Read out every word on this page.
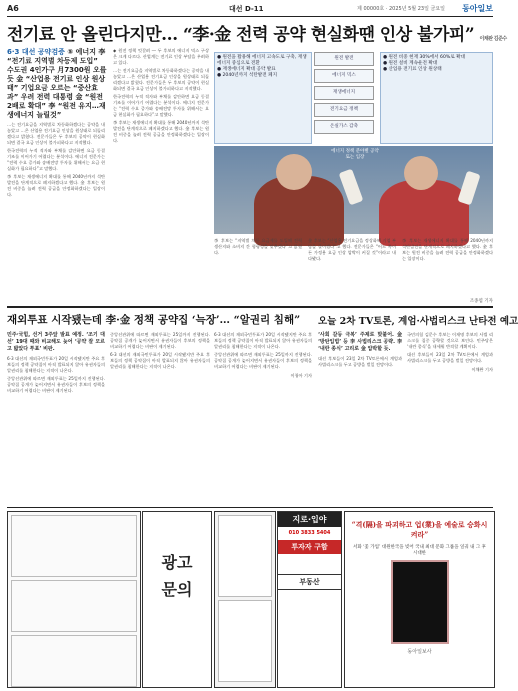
A6	대선 D-11	제 00000호 · 2025년 5월 23일 금요일 동아일보
전기료 안 올린다지만… “李·金 전력 공약 현실화땐 인상 불가피” 이채완 김준수
6·3 대선 공약검증 ⑤ 에너지 李 “전기료 지역별 차등제 도입” 수도권 4인가구 月7300원 오를듯 金 “산업용 전기료 인상 원상태” 기업요금 오르는 “중산효과” 우려 전력 대통령 金 “원전 2배로 확대” 李 “원전 유지…재생에너지 늘릴것”

…는 전기요금을 지역별로 차등화하겠다는 공약을 내놓았고 …은 산업용 전기요금 인상을 원상태로 되돌리겠다고 밝혔다. 전문가들은 두 후보의 공약이 현실화되면 결국 요금 인상이 불가피하다고 지적했다.

한국전력의 누적 적자와 부채를 감안하면 요금 동결 기조를 이어가기 어렵다는 분석이다. 에너지 전문가는 “전력 수요 증가와 송배전망 투자를 위해서는 요금 현실화가 필요하다”고 말했다.

李 후보는 재생에너지 확대를 통해 2040년까지 석탄발전을 단계적으로 폐지하겠다고 했다. 金 후보는 원전 비중을 늘려 전력 공급을 안정화하겠다는 입장이다.

◆ 원전 정책 엇갈려 ― 두 후보의 에너지 믹스 구상은 크게 다르다. 산업계는 전기료 인상 부담을 우려하고 있다.

…는 전기요금을 지역별로 차등화하겠다는 공약을 내놓았고 …은 산업용 전기요금 인상을 원상태로 되돌리겠다고 밝혔다. 전문가들은 두 후보의 공약이 현실화되면 결국 요금 인상이 불가피하다고 지적했다.

한국전력의 누적 적자와 부채를 감안하면 요금 동결 기조를 이어가기 어렵다는 분석이다. 에너지 전문가는 “전력 수요 증가와 송배전망 투자를 위해서는 요금 현실화가 필요하다”고 말했다.

李 후보는 재생에너지 확대를 통해 2040년까지 석탄발전을 단계적으로 폐지하겠다고 했다. 金 후보는 원전 비중을 늘려 전력 공급을 안정화하겠다는 입장이다.

● 원전을 활용해 에너지 고속도로 구축, 재생에너지 중심으로 전환
● 재생에너지 확대 공약 발표
● 2040년까지 석탄발전 폐지
원전 발전
에너지 믹스
재생에너지
전기요금 정책
온실가스 감축
● 원전 비중 현재 30%에서 60%로 확대
● 원전 설비 계속운전 확대
● 산업용 전기료 인상 원상태
에너지 정책 분야별 공약 또는 입장

李 후보는 “지역별 차등 요금제를 도입해 전력 생산지와 소비지 간 형평성을 맞추겠다”고 밝혔다.

金 후보는 “산업용 전기요금을 정상화해 기업 부담을 줄이겠다”고 했다. 전문가들은 “어느 쪽이든 가정용 요금 인상 압박이 커질 것”이라고 내다봤다.

李 후보는 재생에너지 확대를 통해 2040년까지 석탄발전을 단계적으로 폐지하겠다고 했다. 金 후보는 원전 비중을 늘려 전력 공급을 안정화하겠다는 입장이다.

조종엽 기자
재외투표 시작됐는데 李·金 정책 공약집 ‘늑장’… “알권리 침해” 오늘 2차 TV토론, 계엄·사법리스크 난타전 예고

민주·국힘, 선거 3주앞 발표 예정. ‘조기 대선’ 19대 때와 비교해도 늦어 ‘공약 잘 모르고 밟았다 투표’ 비판.

6·3 대선의 재외국민투표가 20일 시작됐지만 주요 후보들의 정책 공약집이 아직 발표되지 않아 유권자들의 알권리를 침해한다는 지적이 나온다.

중앙선관위에 따르면 재외투표는 25일까지 진행된다. 공약집 공개가 늦어지면서 유권자들이 후보의 정책을 비교하기 어렵다는 비판이 제기된다.

중앙선관위에 따르면 재외투표는 25일까지 진행된다. 공약집 공개가 늦어지면서 유권자들이 후보의 정책을 비교하기 어렵다는 비판이 제기된다.

6·3 대선의 재외국민투표가 20일 시작됐지만 주요 후보들의 정책 공약집이 아직 발표되지 않아 유권자들의 알권리를 침해한다는 지적이 나온다.

6·3 대선의 재외국민투표가 20일 시작됐지만 주요 후보들의 정책 공약집이 아직 발표되지 않아 유권자들의 알권리를 침해한다는 지적이 나온다.

중앙선관위에 따르면 재외투표는 25일까지 진행된다. 공약집 공개가 늦어지면서 유권자들이 후보의 정책을 비교하기 어렵다는 비판이 제기된다.

이청아 기자

‘사회 갈등 극복’ 주제로 맞붙어. 金 ‘방탄입법’ 등 李 사법리스크 공략. 李 ‘내란 종식’ 고리로 金 압박할 듯.

대선 후보들이 23일 2차 TV토론에서 계엄과 사법리스크를 두고 공방을 벌일 전망이다.

국민의힘 김문수 후보는 이재명 후보의 사법 리스크를 집중 공략할 것으로 보인다. 민주당은 ‘내란 종식’을 내세워 반격할 계획이다.

대선 후보들이 23일 2차 TV토론에서 계엄과 사법리스크를 두고 공방을 벌일 전망이다.

이채완 기자
광고
문의
지로·입야
010 3833 5404
투자자 구함
부동산
“격(隔)을 파괴하고 업(業)을 예술로 승화시켜라”
서화 ‘꽃 가업’ 대원한국을 빚어 국내 최대 문화 그룹을 일궈 내 그 후 시대한
동아일보사
